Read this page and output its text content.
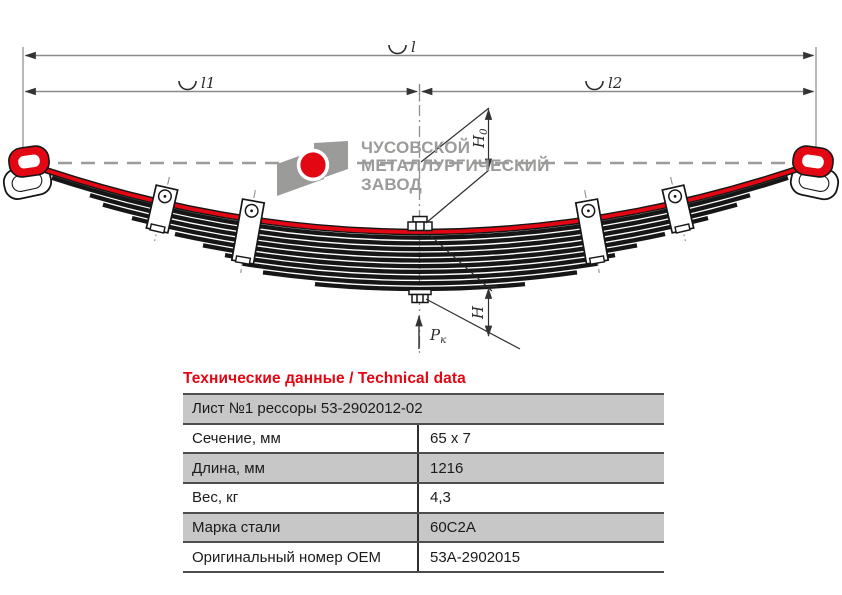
l
l1	l2
$H_0$
H
$P_к$
ЧУСОВСКОЙ
МЕТАЛЛУРГИЧЕСКИЙ
ЗАВОД
Технические данные / Technical data
Лист №1 рессоры 53-2902012-02
Сечение, мм	65 x 7
Длина, мм	1216
Вес, кг	4,3
Марка стали	60С2А
Оригинальный номер OEM	53А-2902015
